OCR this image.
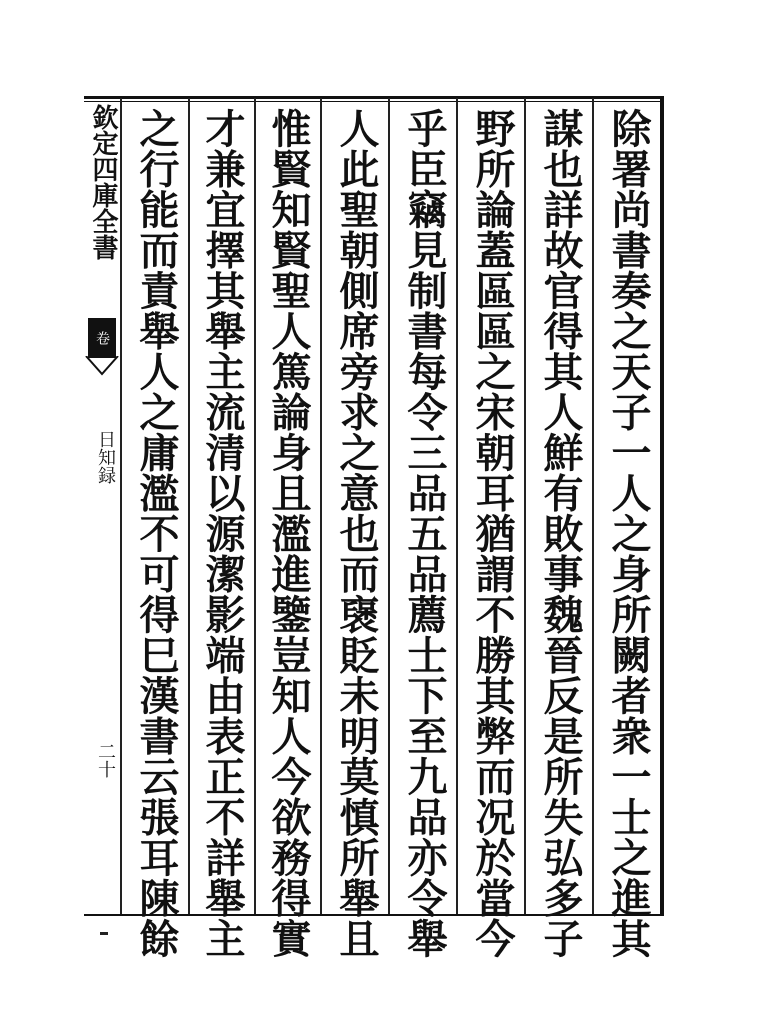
欽定四庫全書
卷
日知録
二十	除署尚書奏之天子一人之身所闕者衆一士之進其
謀也詳故官得其人鮮有敗事魏晉反是所失弘多子
野所論蓋區區之宋朝耳猶謂不勝其弊而况於當今
乎臣竊見制書每令三品五品薦士下至九品亦令舉
人此聖朝側席旁求之意也而襃貶未明莫慎所舉且
惟賢知賢聖人篤論身且濫進鑒豈知人今欲務得實
才兼宜擇其舉主流清以源潔影端由表正不詳舉主
之行能而責舉人之庸濫不可得巳漢書云張耳陳餘
